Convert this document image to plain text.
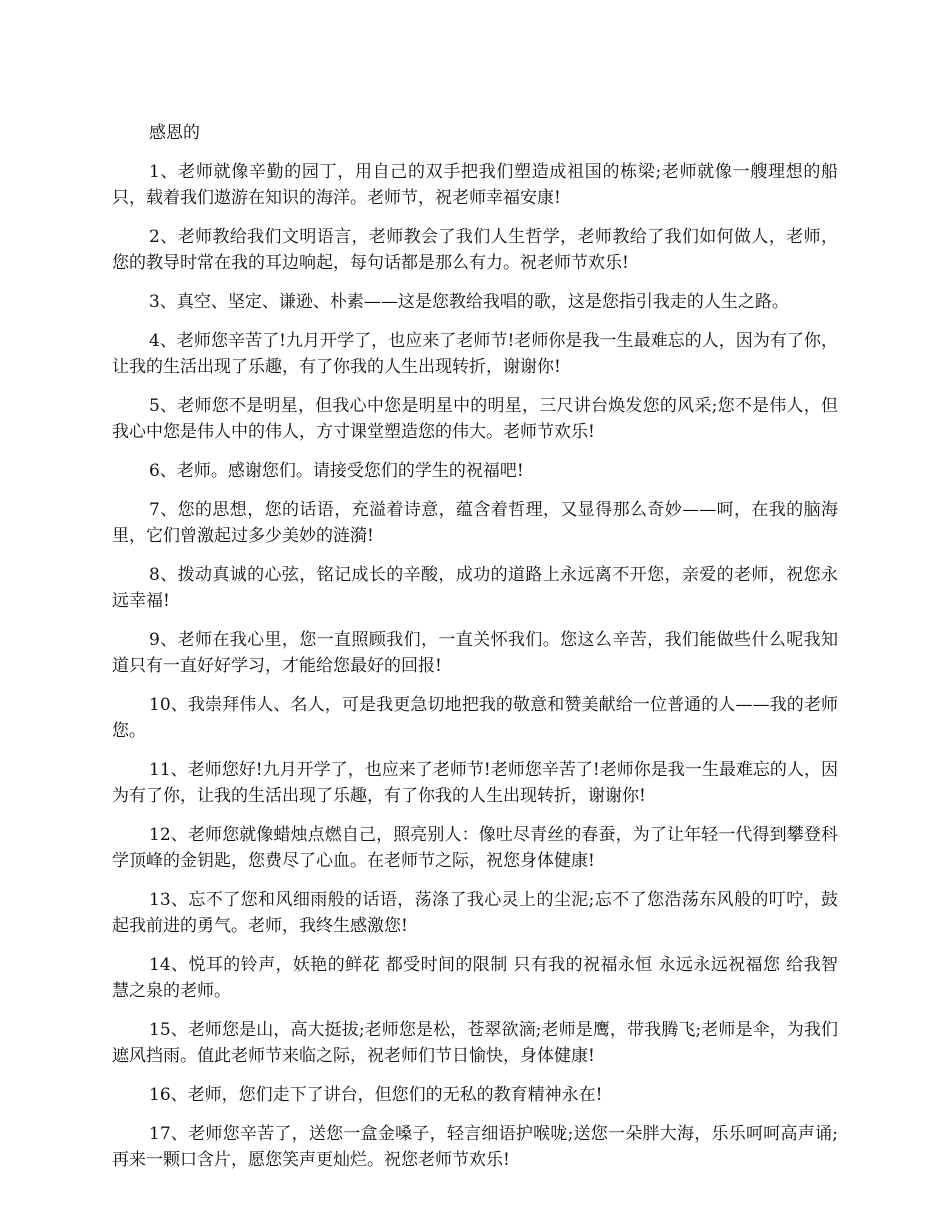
感恩的

1、老师就像辛勤的园丁，用自己的双手把我们塑造成祖国的栋梁;老师就像一艘理想的船只，载着我们遨游在知识的海洋。老师节，祝老师幸福安康!

2、老师教给我们文明语言，老师教会了我们人生哲学，老师教给了我们如何做人，老师，您的教导时常在我的耳边响起，每句话都是那么有力。祝老师节欢乐!

3、真空、坚定、谦逊、朴素——这是您教给我唱的歌，这是您指引我走的人生之路。

4、老师您辛苦了!九月开学了，也应来了老师节!老师你是我一生最难忘的人，因为有了你，让我的生活出现了乐趣，有了你我的人生出现转折，谢谢你!

5、老师您不是明星，但我心中您是明星中的明星，三尺讲台焕发您的风采;您不是伟人，但我心中您是伟人中的伟人，方寸课堂塑造您的伟大。老师节欢乐!

6、老师。感谢您们。请接受您们的学生的祝福吧!

7、您的思想，您的话语，充溢着诗意，蕴含着哲理，又显得那么奇妙——呵，在我的脑海里，它们曾激起过多少美妙的涟漪!

8、拨动真诚的心弦，铭记成长的辛酸，成功的道路上永远离不开您，亲爱的老师，祝您永远幸福!

9、老师在我心里，您一直照顾我们，一直关怀我们。您这么辛苦，我们能做些什么呢我知道只有一直好好学习，才能给您最好的回报!

10、我崇拜伟人、名人，可是我更急切地把我的敬意和赞美献给一位普通的人——我的老师您。

11、老师您好!九月开学了，也应来了老师节!老师您辛苦了!老师你是我一生最难忘的人，因为有了你，让我的生活出现了乐趣，有了你我的人生出现转折，谢谢你!

12、老师您就像蜡烛点燃自己，照亮别人：像吐尽青丝的春蚕，为了让年轻一代得到攀登科学顶峰的金钥匙，您费尽了心血。在老师节之际，祝您身体健康!

13、忘不了您和风细雨般的话语，荡涤了我心灵上的尘泥;忘不了您浩荡东风般的叮咛，鼓起我前进的勇气。老师，我终生感激您!

14、悦耳的铃声，妖艳的鲜花 都受时间的限制 只有我的祝福永恒 永远永远祝福您 给我智慧之泉的老师。

15、老师您是山，高大挺拔;老师您是松，苍翠欲滴;老师是鹰，带我腾飞;老师是伞，为我们遮风挡雨。值此老师节来临之际，祝老师们节日愉快，身体健康!

16、老师，您们走下了讲台，但您们的无私的教育精神永在!

17、老师您辛苦了，送您一盒金嗓子，轻言细语护喉咙;送您一朵胖大海，乐乐呵呵高声诵;再来一颗口含片，愿您笑声更灿烂。祝您老师节欢乐!
